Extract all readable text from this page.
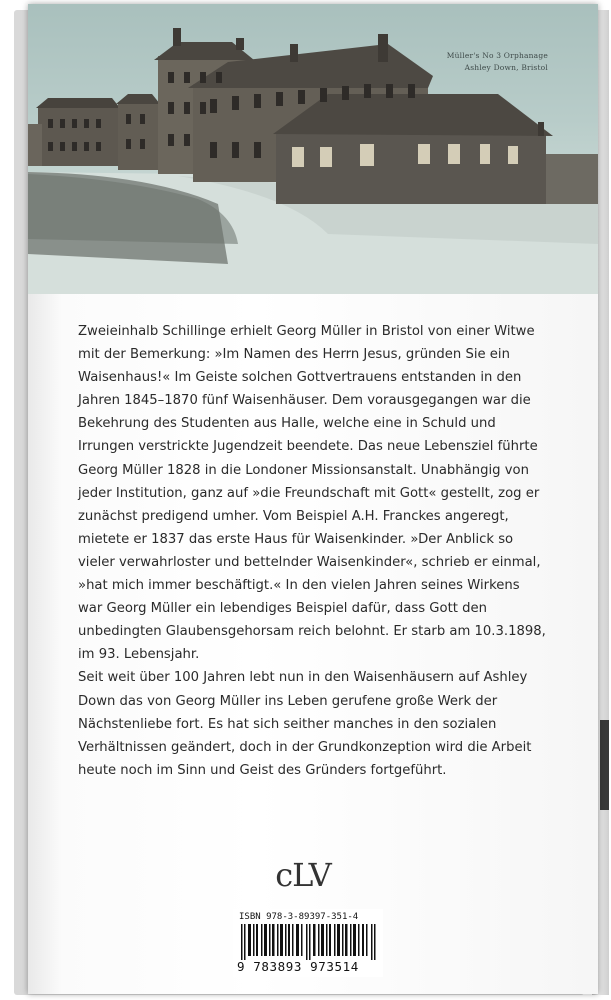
Müller's No 3 Orphanage
Ashley Down, Bristol

Zweieinhalb Schillinge erhielt Georg Müller in Bristol von einer Witwe mit der Bemerkung: »Im Namen des Herrn Jesus, gründen Sie ein Waisenhaus!« Im Geiste solchen Gottvertrauens entstanden in den Jahren 1845–1870 fünf Waisenhäuser. Dem vorausgegangen war die Bekehrung des Studenten aus Halle, welche eine in Schuld und Irrungen verstrickte Jugendzeit beendete. Das neue Lebensziel führte Georg Müller 1828 in die Londoner Missionsanstalt. Unabhängig von jeder Institution, ganz auf »die Freundschaft mit Gott« gestellt, zog er zunächst predigend umher. Vom Beispiel A.H. Franckes angeregt, mietete er 1837 das erste Haus für Waisenkinder. »Der Anblick so vieler verwahrloster und bettelnder Waisenkinder«, schrieb er einmal, »hat mich immer beschäftigt.« In den vielen Jahren seines Wirkens war Georg Müller ein lebendiges Beispiel dafür, dass Gott den unbedingten Glaubensgehorsam reich belohnt. Er starb am 10.3.1898, im 93. Lebensjahr.

Seit weit über 100 Jahren lebt nun in den Waisenhäusern auf Ashley Down das von Georg Müller ins Leben gerufene große Werk der Nächstenliebe fort. Es hat sich seither manches in den sozialen Verhältnissen geändert, doch in der Grundkonzeption wird die Arbeit heute noch im Sinn und Geist des Gründers fortgeführt.

cLV
ISBN 978-3-89397-351-4
9 783893 973514
